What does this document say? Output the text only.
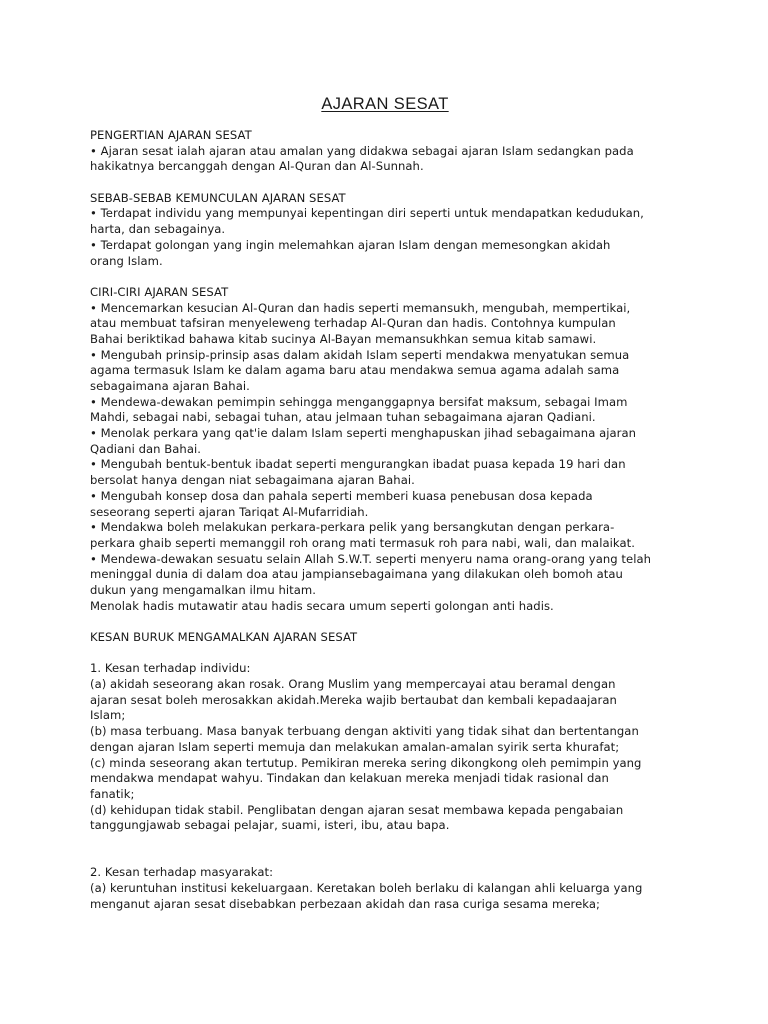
AJARAN SESAT
PENGERTIAN AJARAN SESAT
• Ajaran sesat ialah ajaran atau amalan yang didakwa sebagai ajaran Islam sedangkan pada
hakikatnya bercanggah dengan Al-Quran dan Al-Sunnah.
SEBAB-SEBAB KEMUNCULAN AJARAN SESAT
• Terdapat individu yang mempunyai kepentingan diri seperti untuk mendapatkan kedudukan,
harta, dan sebagainya.
• Terdapat golongan yang ingin melemahkan ajaran Islam dengan memesongkan akidah
orang Islam.
CIRI-CIRI AJARAN SESAT
• Mencemarkan kesucian Al-Quran dan hadis seperti memansukh, mengubah, mempertikai,
atau membuat tafsiran menyeleweng terhadap Al-Quran dan hadis. Contohnya kumpulan
Bahai beriktikad bahawa kitab sucinya Al-Bayan memansukhkan semua kitab samawi.
• Mengubah prinsip-prinsip asas dalam akidah Islam seperti mendakwa menyatukan semua
agama termasuk Islam ke dalam agama baru atau mendakwa semua agama adalah sama
sebagaimana ajaran Bahai.
• Mendewa-dewakan pemimpin sehingga menganggapnya bersifat maksum, sebagai Imam
Mahdi, sebagai nabi, sebagai tuhan, atau jelmaan tuhan sebagaimana ajaran Qadiani.
• Menolak perkara yang qat'ie dalam Islam seperti menghapuskan jihad sebagaimana ajaran
Qadiani dan Bahai.
• Mengubah bentuk-bentuk ibadat seperti mengurangkan ibadat puasa kepada 19 hari dan
bersolat hanya dengan niat sebagaimana ajaran Bahai.
• Mengubah konsep dosa dan pahala seperti memberi kuasa penebusan dosa kepada
seseorang seperti ajaran Tariqat Al-Mufarridiah.
• Mendakwa boleh melakukan perkara-perkara pelik yang bersangkutan dengan perkara-
perkara ghaib seperti memanggil roh orang mati termasuk roh para nabi, wali, dan malaikat.
• Mendewa-dewakan sesuatu selain Allah S.W.T. seperti menyeru nama orang-orang yang telah
meninggal dunia di dalam doa atau jampiansebagaimana yang dilakukan oleh bomoh atau
dukun yang mengamalkan ilmu hitam.
Menolak hadis mutawatir atau hadis secara umum seperti golongan anti hadis.
KESAN BURUK MENGAMALKAN AJARAN SESAT
1. Kesan terhadap individu:
(a) akidah seseorang akan rosak. Orang Muslim yang mempercayai atau beramal dengan
ajaran sesat boleh merosakkan akidah.Mereka wajib bertaubat dan kembali kepadaajaran
Islam;
(b) masa terbuang. Masa banyak terbuang dengan aktiviti yang tidak sihat dan bertentangan
dengan ajaran Islam seperti memuja dan melakukan amalan-amalan syirik serta khurafat;
(c) minda seseorang akan tertutup. Pemikiran mereka sering dikongkong oleh pemimpin yang
mendakwa mendapat wahyu. Tindakan dan kelakuan mereka menjadi tidak rasional dan
fanatik;
(d) kehidupan tidak stabil. Penglibatan dengan ajaran sesat membawa kepada pengabaian
tanggungjawab sebagai pelajar, suami, isteri, ibu, atau bapa.
2. Kesan terhadap masyarakat:
(a) keruntuhan institusi kekeluargaan. Keretakan boleh berlaku di kalangan ahli keluarga yang
menganut ajaran sesat disebabkan perbezaan akidah dan rasa curiga sesama mereka;
